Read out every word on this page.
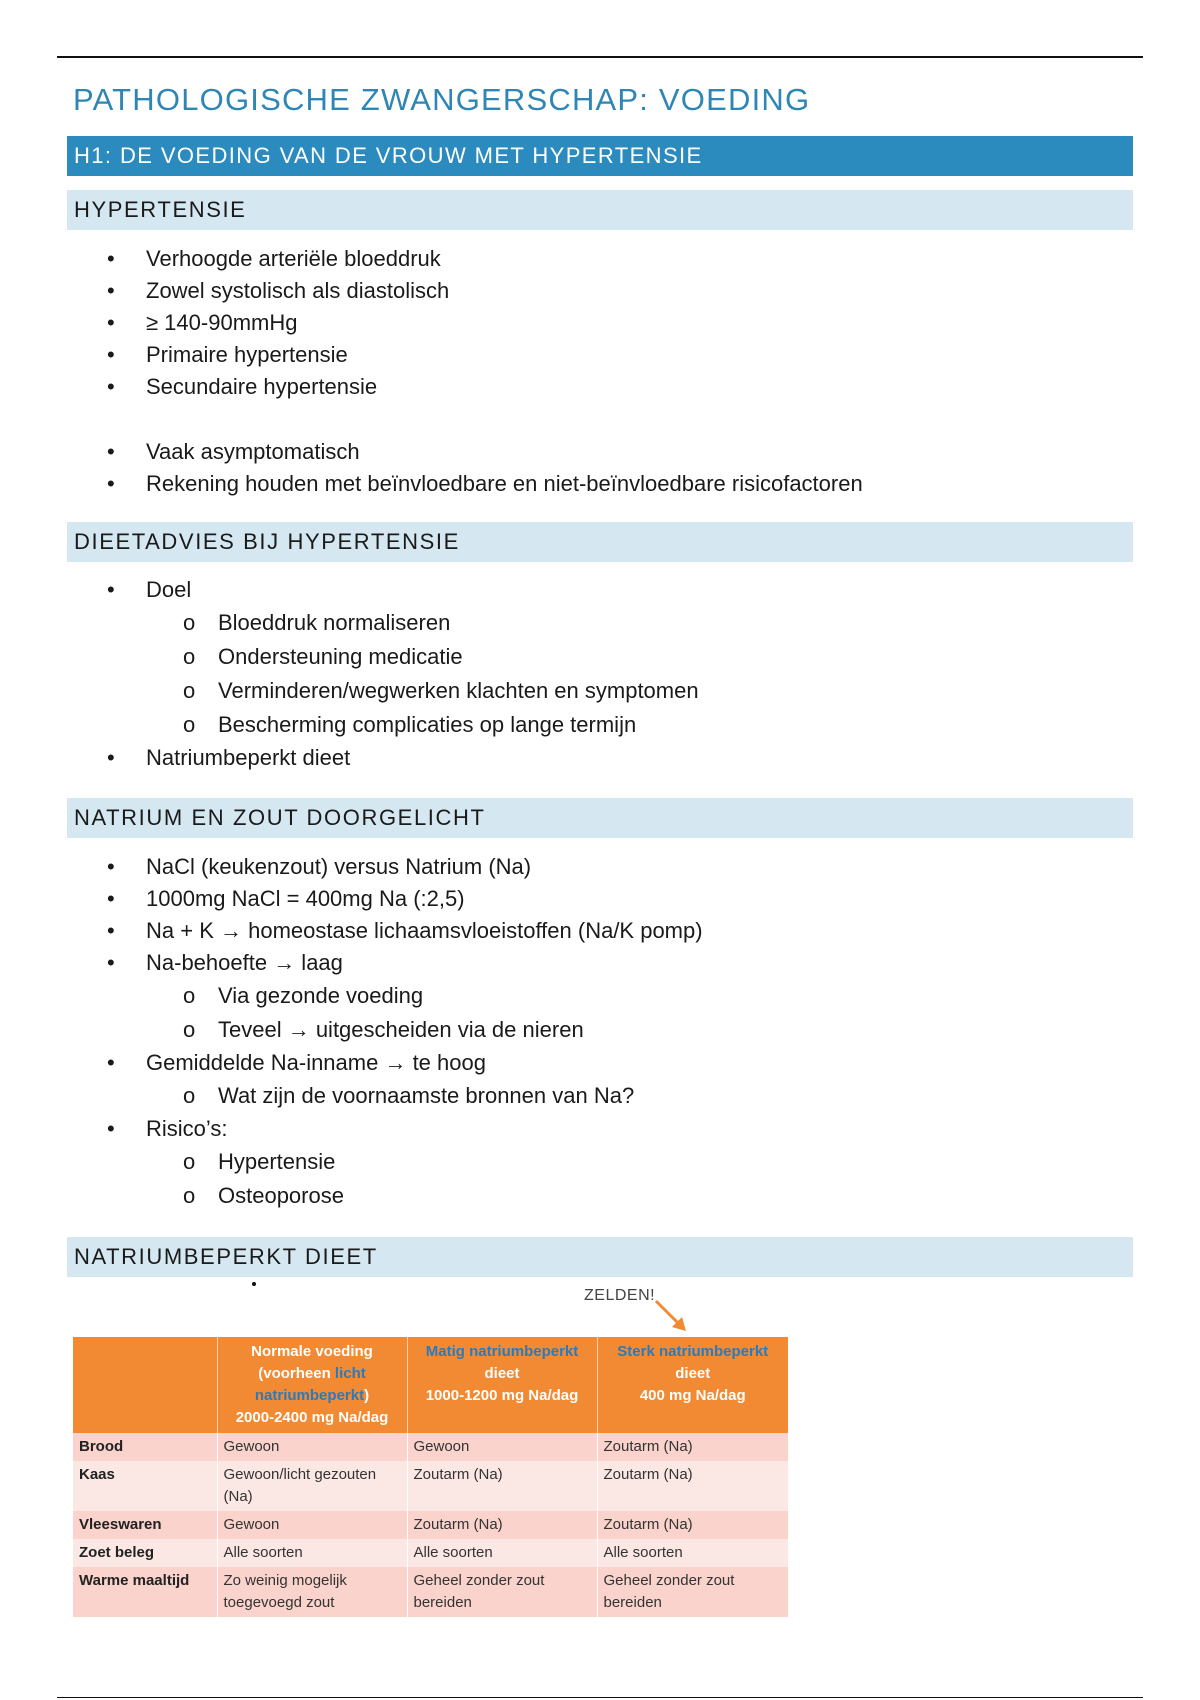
PATHOLOGISCHE ZWANGERSCHAP: VOEDING
H1: DE VOEDING VAN DE VROUW MET HYPERTENSIE
HYPERTENSIE
• Verhoogde arteriële bloeddruk
• Zowel systolisch als diastolisch
• ≥ 140-90mmHg
• Primaire hypertensie
• Secundaire hypertensie
• Vaak asymptomatisch
• Rekening houden met beïnvloedbare en niet-beïnvloedbare risicofactoren
DIEETADVIES BIJ HYPERTENSIE
• Doel
o Bloeddruk normaliseren
o Ondersteuning medicatie
o Verminderen/wegwerken klachten en symptomen
o Bescherming complicaties op lange termijn
• Natriumbeperkt dieet
NATRIUM EN ZOUT DOORGELICHT
• NaCl (keukenzout) versus Natrium (Na)
• 1000mg NaCl = 400mg Na (:2,5)
• Na + K → homeostase lichaamsvloeistoffen (Na/K pomp)
• Na-behoefte → laag
o Via gezonde voeding
o Teveel → uitgescheiden via de nieren
• Gemiddelde Na-inname → te hoog
o Wat zijn de voornaamste bronnen van Na?
• Risico’s:
o Hypertensie
o Osteoporose
NATRIUMBEPERKT DIEET
ZELDEN!
	Normale voeding
(voorheen licht
natriumbeperkt)
2000-2400 mg Na/dag	Matig natriumbeperkt
dieet
1000-1200 mg Na/dag	Sterk natriumbeperkt
dieet
400 mg Na/dag
Brood	Gewoon	Gewoon	Zoutarm (Na)
Kaas	Gewoon/licht gezouten (Na)	Zoutarm (Na)	Zoutarm (Na)
Vleeswaren	Gewoon	Zoutarm (Na)	Zoutarm (Na)
Zoet beleg	Alle soorten	Alle soorten	Alle soorten
Warme maaltijd	Zo weinig mogelijk toegevoegd zout	Geheel zonder zout bereiden	Geheel zonder zout bereiden
